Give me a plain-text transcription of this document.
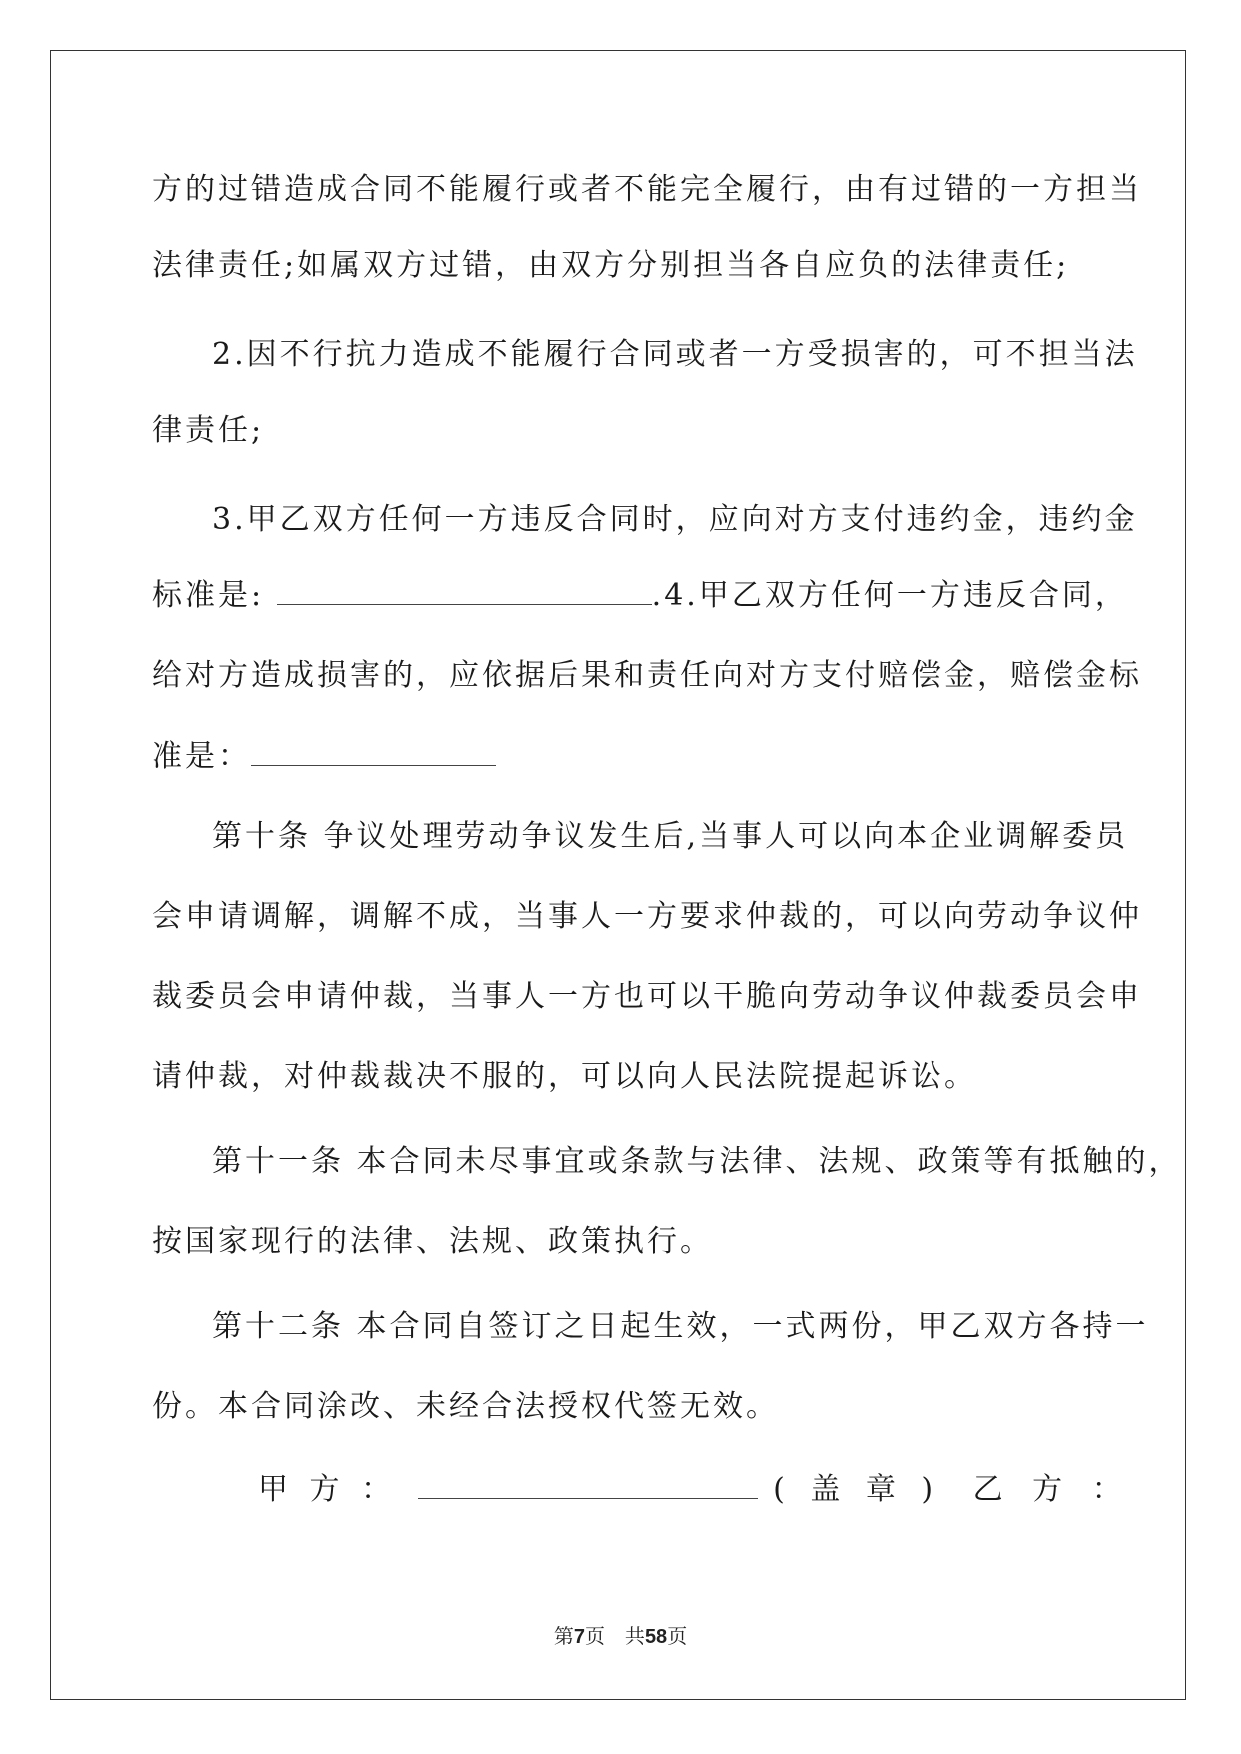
方的过错造成合同不能履行或者不能完全履行，由有过错的一方担当
法律责任;如属双方过错，由双方分别担当各自应负的法律责任;
2.因不行抗力造成不能履行合同或者一方受损害的，可不担当法
律责任;
3.甲乙双方任何一方违反合同时，应向对方支付违约金，违约金
标准是:	.4.甲乙双方任何一方违反合同，
给对方造成损害的，应依据后果和责任向对方支付赔偿金，赔偿金标
准是：
第十条 争议处理劳动争议发生后,当事人可以向本企业调解委员
会申请调解，调解不成，当事人一方要求仲裁的，可以向劳动争议仲
裁委员会申请仲裁，当事人一方也可以干脆向劳动争议仲裁委员会申
请仲裁，对仲裁裁决不服的，可以向人民法院提起诉讼。
第十一条 本合同未尽事宜或条款与法律、法规、政策等有抵触的，
按国家现行的法律、法规、政策执行。
第十二条 本合同自签订之日起生效，一式两份，甲乙双方各持一
份。本合同涂改、未经合法授权代签无效。
甲 方 ：	( 盖 章 ) 乙 方 ：
第7页　共58页
